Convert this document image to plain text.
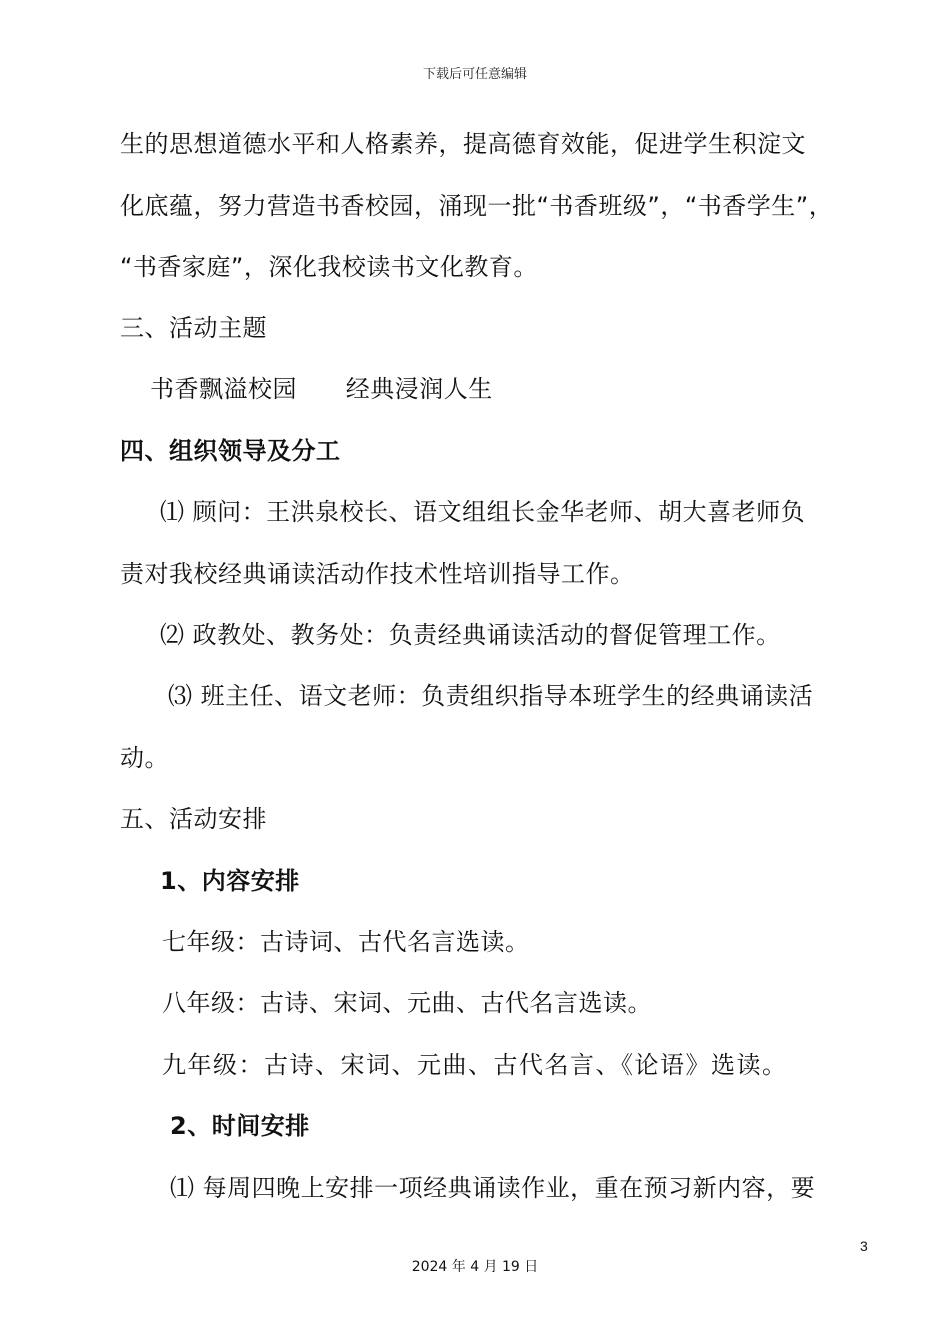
下载后可任意编辑
生的思想道德水平和人格素养，提高德育效能，促进学生积淀文
化底蕴，努力营造书香校园，涌现一批“书香班级”，“书香学生”，
“书香家庭”，深化我校读书文化教育。
三、活动主题
书香飘溢校园      经典浸润人生
四、组织领导及分工
⑴ 顾问：王洪泉校长、语文组组长金华老师、胡大喜老师负
责对我校经典诵读活动作技术性培训指导工作。
⑵ 政教处、教务处：负责经典诵读活动的督促管理工作。
⑶ 班主任、语文老师：负责组织指导本班学生的经典诵读活
动。
五、活动安排
1、内容安排
七年级：古诗词、古代名言选读。
八年级：古诗、宋词、元曲、古代名言选读。
九年级：古诗、宋词、元曲、古代名言、《论语》选读。
2、时间安排
⑴ 每周四晚上安排一项经典诵读作业，重在预习新内容，要
3
2024 年 4 月 19 日
